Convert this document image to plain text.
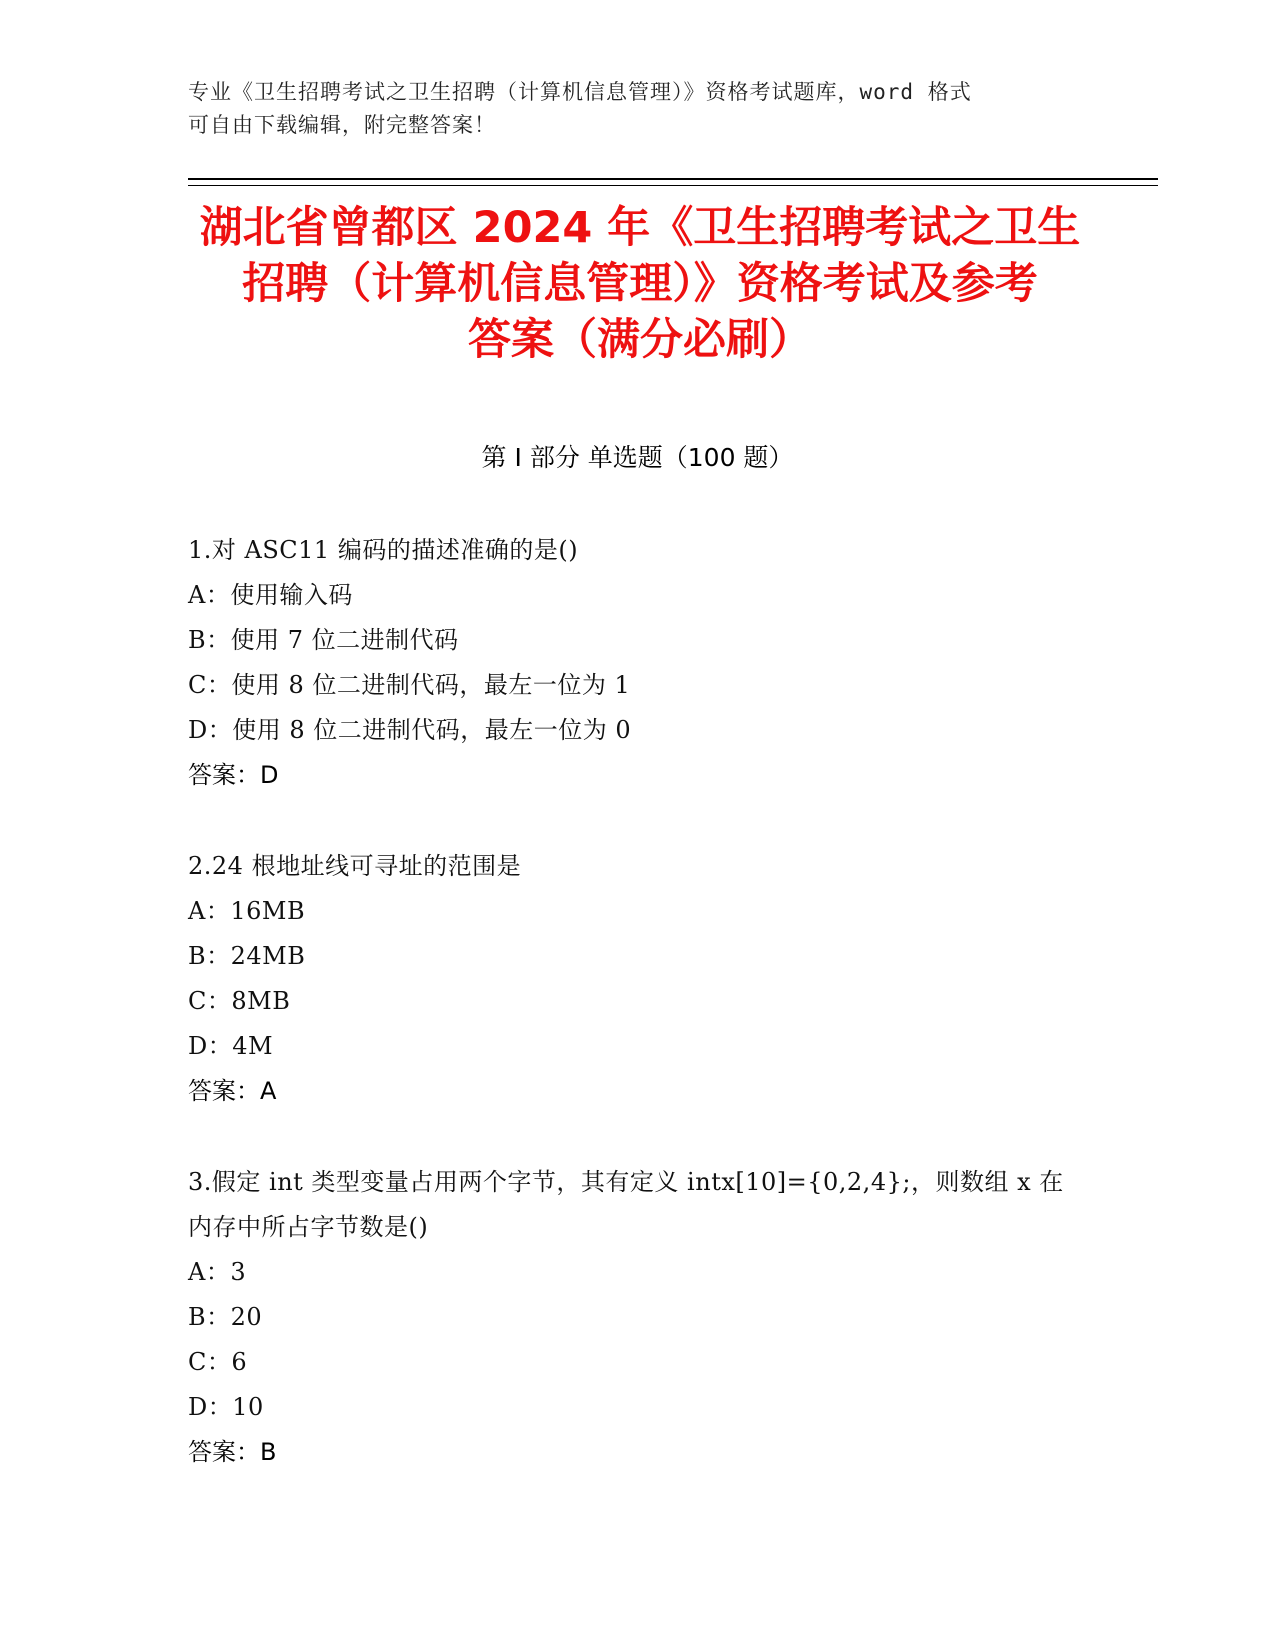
专业《卫生招聘考试之卫生招聘（计算机信息管理）》资格考试题库，word 格式
可自由下载编辑，附完整答案！
湖北省曾都区 2024 年《卫生招聘考试之卫生
招聘（计算机信息管理）》资格考试及参考
答案（满分必刷）
第 I 部分 单选题（100 题）

1.对 ASC11 编码的描述准确的是()

A：使用输入码

B：使用 7 位二进制代码

C：使用 8 位二进制代码，最左一位为 1

D：使用 8 位二进制代码，最左一位为 0

答案：D

2.24 根地址线可寻址的范围是

A：16MB

B：24MB

C：8MB

D：4M

答案：A

3.假定 int 类型变量占用两个字节，其有定义 intx[10]={0,2,4};，则数组 x 在内存中所占字节数是()

A：3

B：20

C：6

D：10

答案：B
